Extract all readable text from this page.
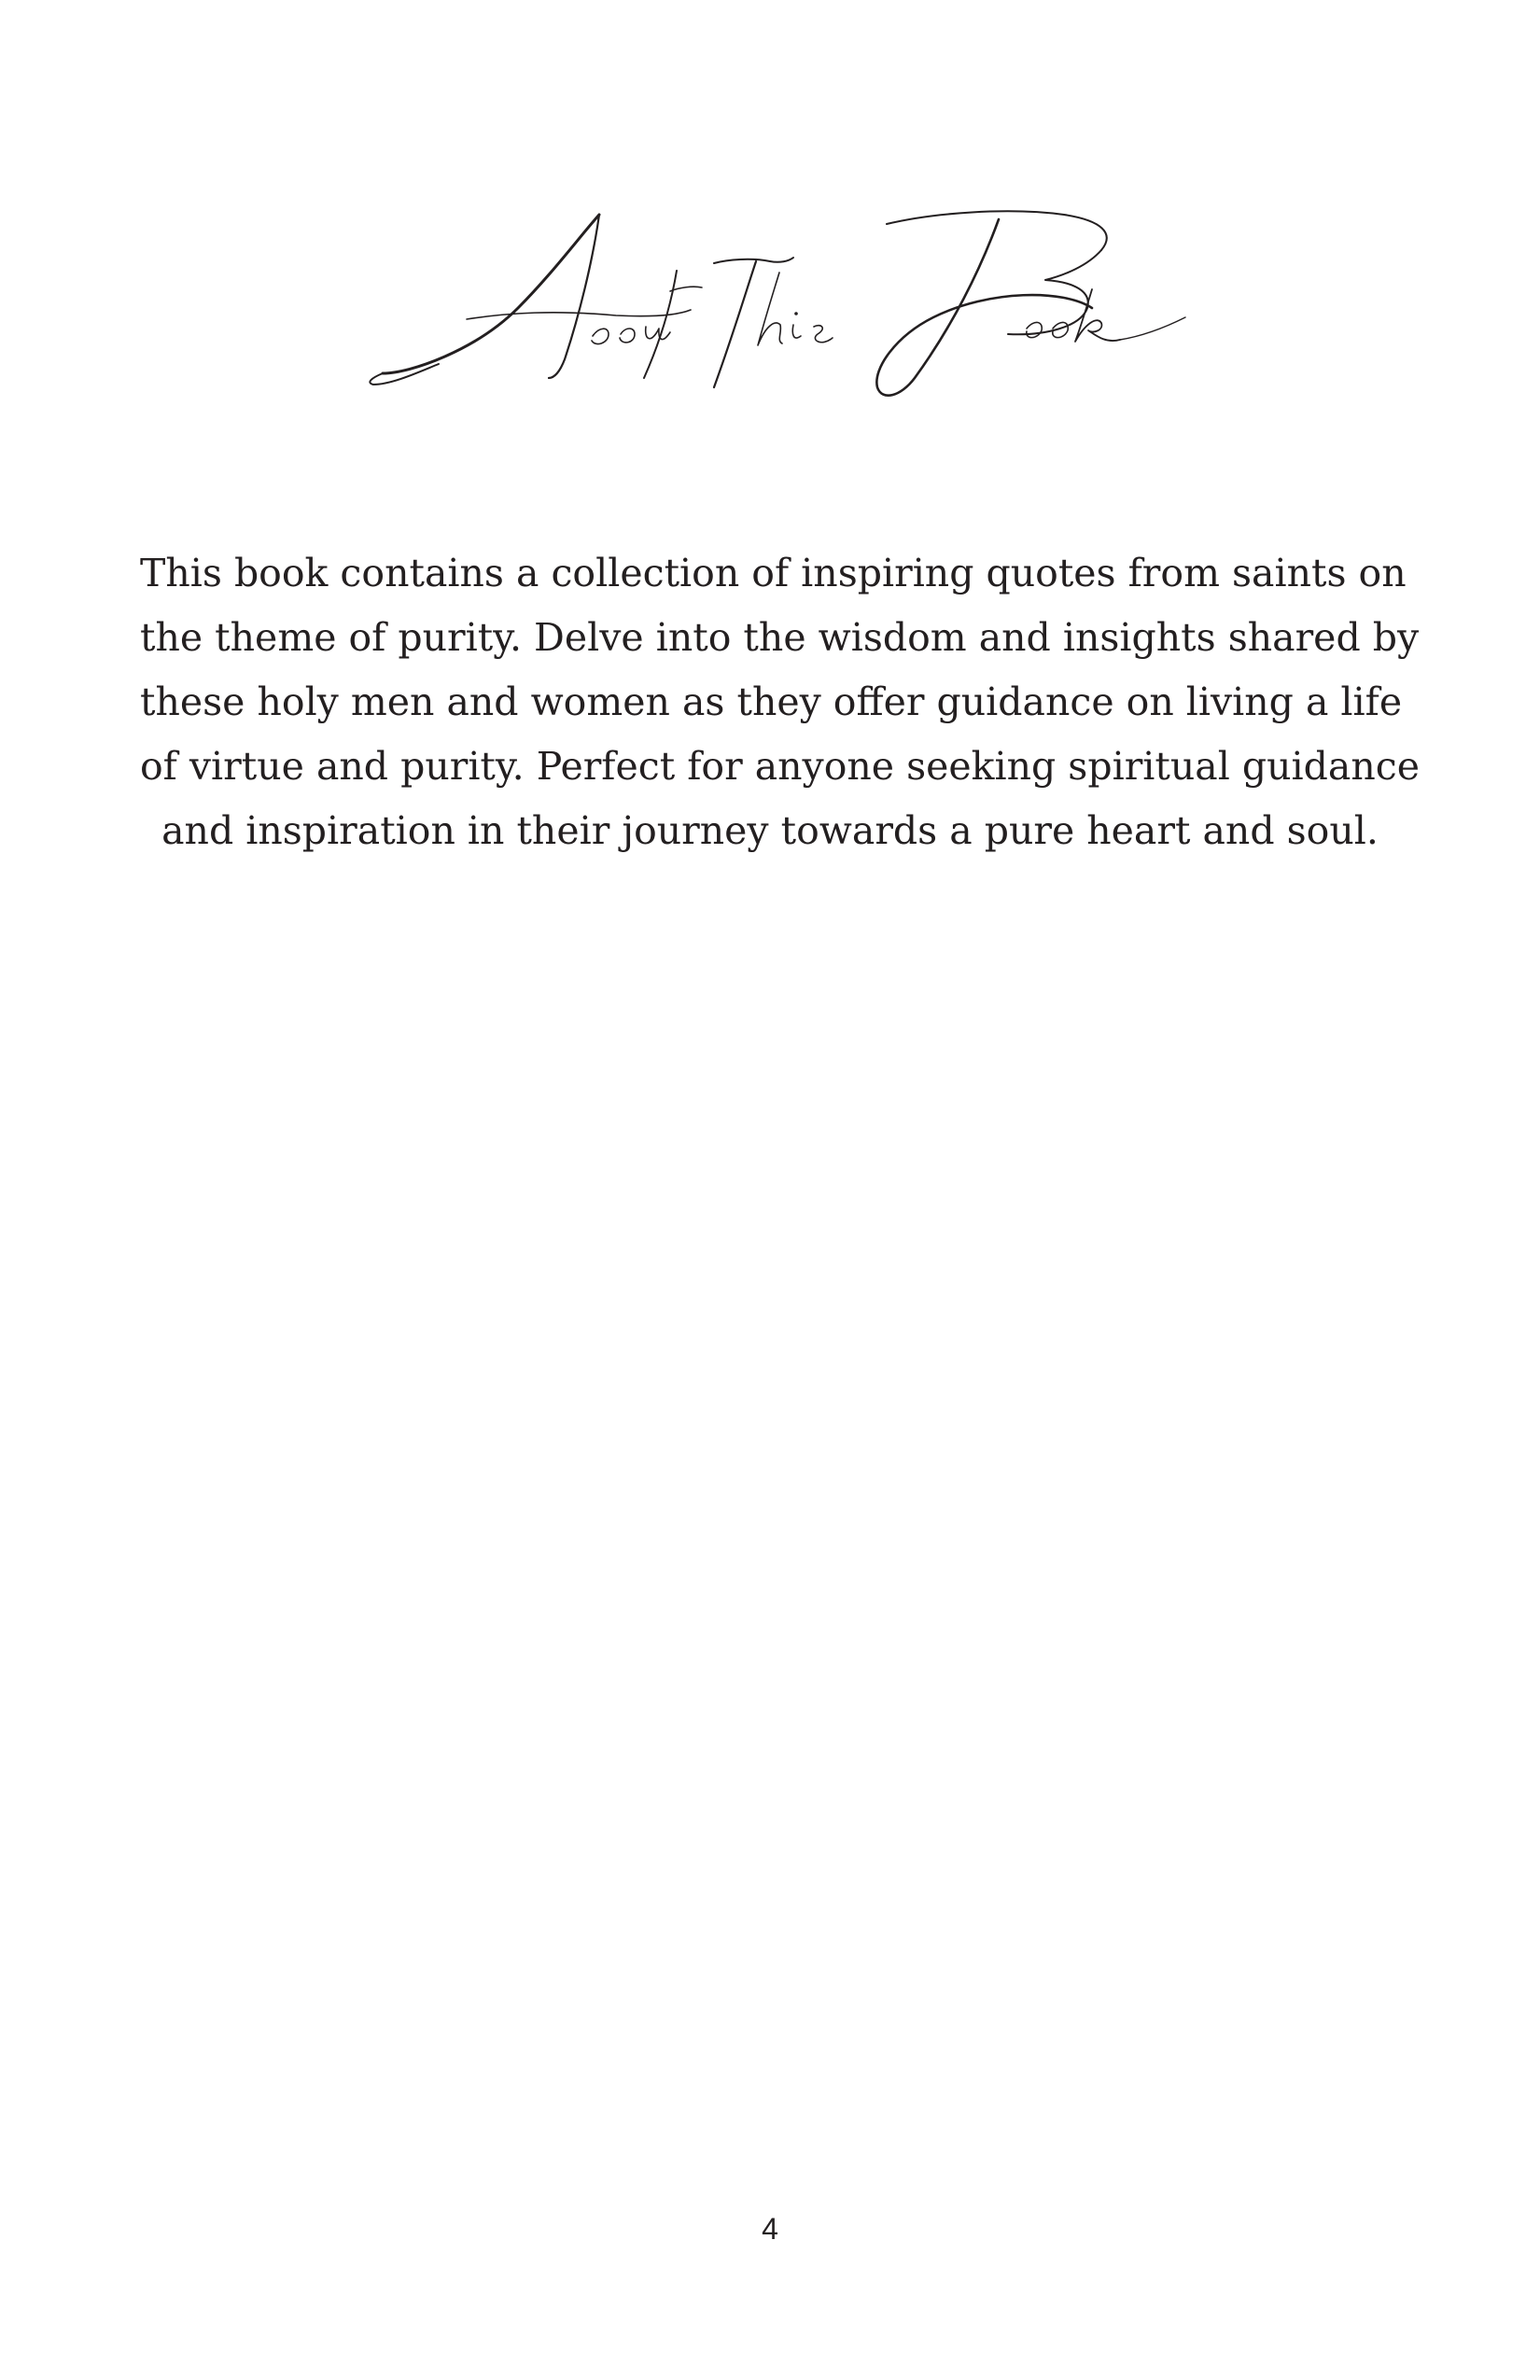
This book contains a collection of inspiring quotes from saints on
the theme of purity. Delve into the wisdom and insights shared by
these holy men and women as they offer guidance on living a life
of virtue and purity. Perfect for anyone seeking spiritual guidance
and inspiration in their journey towards a pure heart and soul.
4
